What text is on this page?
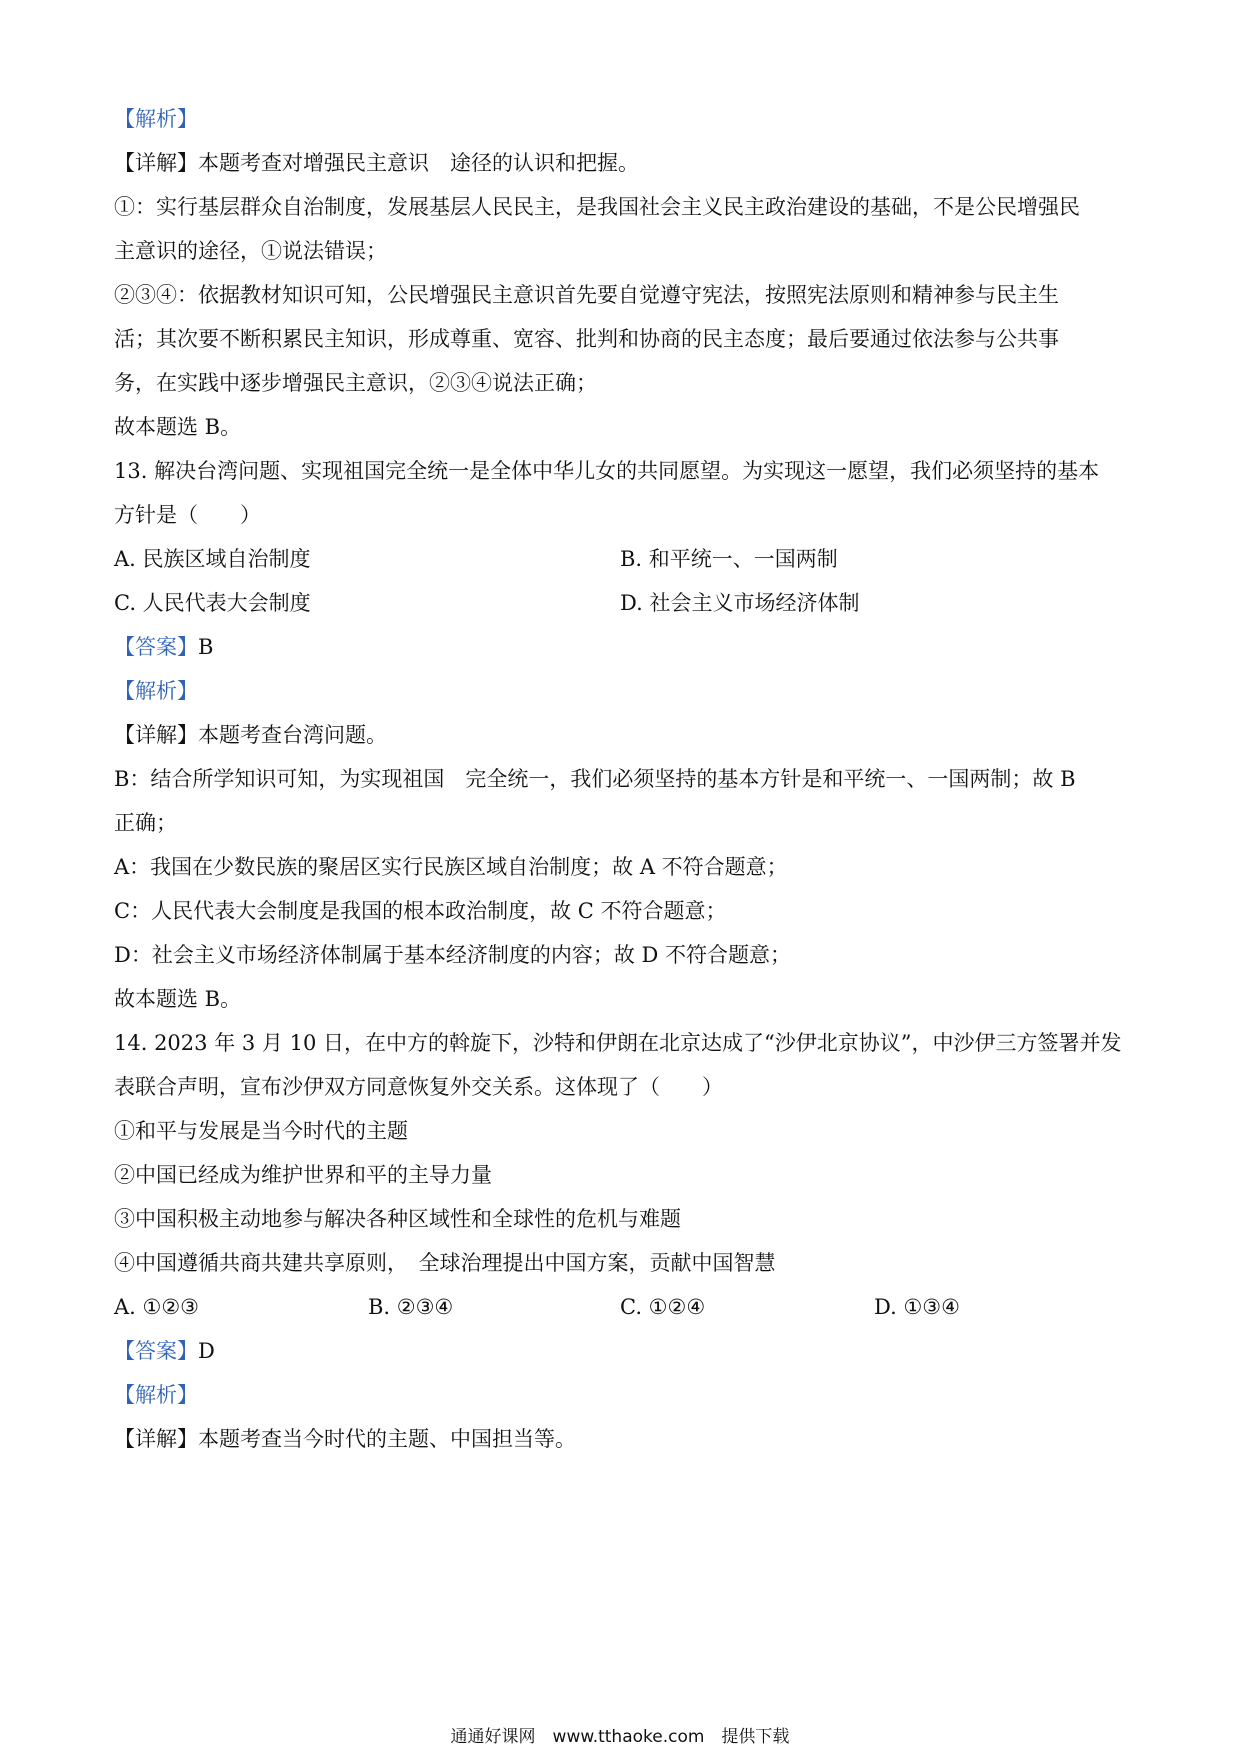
【解析】
【详解】本题考查对增强民主意识　途径的认识和把握。
①：实行基层群众自治制度，发展基层人民民主，是我国社会主义民主政治建设的基础，不是公民增强民
主意识的途径，①说法错误；
②③④：依据教材知识可知，公民增强民主意识首先要自觉遵守宪法，按照宪法原则和精神参与民主生
活；其次要不断积累民主知识，形成尊重、宽容、批判和协商的民主态度；最后要通过依法参与公共事
务，在实践中逐步增强民主意识，②③④说法正确；
故本题选 B。
13. 解决台湾问题、实现祖国完全统一是全体中华儿女的共同愿望。为实现这一愿望，我们必须坚持的基本
方针是（　　）
A. 民族区域自治制度	B. 和平统一、一国两制
C. 人民代表大会制度	D. 社会主义市场经济体制
【答案】B
【解析】
【详解】本题考查台湾问题。
B：结合所学知识可知，为实现祖国　完全统一，我们必须坚持的基本方针是和平统一、一国两制；故 B
正确；
A：我国在少数民族的聚居区实行民族区域自治制度；故 A 不符合题意；
C：人民代表大会制度是我国的根本政治制度，故 C 不符合题意；
D：社会主义市场经济体制属于基本经济制度的内容；故 D 不符合题意；
故本题选 B。
14. 2023 年 3 月 10 日，在中方的斡旋下，沙特和伊朗在北京达成了“沙伊北京协议”，中沙伊三方签署并发
表联合声明，宣布沙伊双方同意恢复外交关系。这体现了（　　）
①和平与发展是当今时代的主题
②中国已经成为维护世界和平的主导力量
③中国积极主动地参与解决各种区域性和全球性的危机与难题
④中国遵循共商共建共享原则，　全球治理提出中国方案，贡献中国智慧
A. ①②③	B. ②③④	C. ①②④	D. ①③④
【答案】D
【解析】
【详解】本题考查当今时代的主题、中国担当等。
通通好课网　www.tthaoke.com　提供下载
